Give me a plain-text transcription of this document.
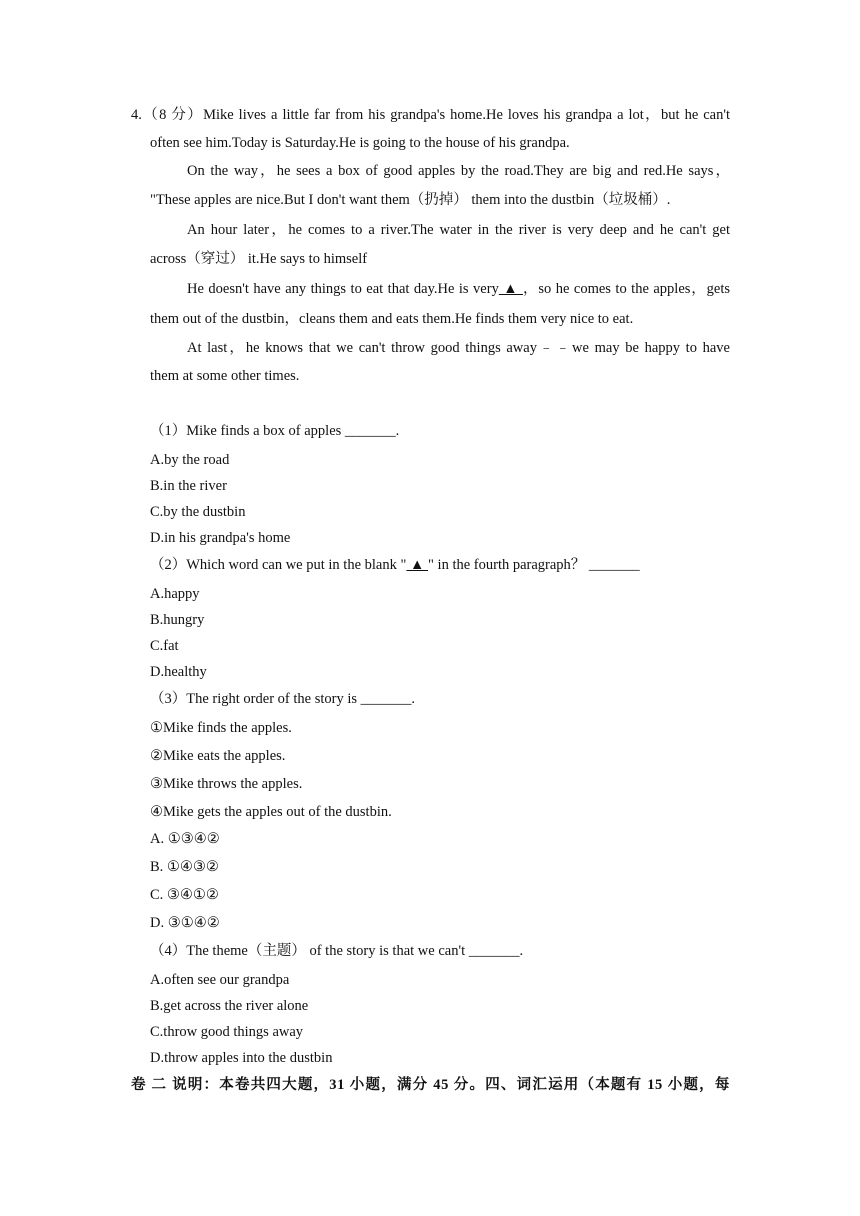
4.（8 分）Mike lives a little far from his grandpa's home.He loves his grandpa a lot，but he can't
often see him.Today is Saturday.He is going to the house of his grandpa.
On the way，he sees a box of good apples by the road.They are big and red.He says，
"These apples are nice.But I don't want them（扔掉） them into the dustbin（垃圾桶）.
An hour later，he comes to a river.The water in the river is very deep and he can't get
across（穿过） it.He says to himself
He doesn't have any things to eat that day.He is very ▲ ，so he comes to the apples，gets
them out of the dustbin，cleans them and eats them.He finds them very nice to eat.
At last，he knows that we can't throw good things away﹣﹣we may be happy to have
them at some other times.
（1）Mike finds a box of apples _______.
A.by the road
B.in the river
C.by the dustbin
D.in his grandpa's home
（2）Which word can we put in the blank " ▲ " in the fourth paragraph？ _______
A.happy
B.hungry
C.fat
D.healthy
（3）The right order of the story is _______.
①Mike finds the apples.
②Mike eats the apples.
③Mike throws the apples.
④Mike gets the apples out of the dustbin.
A. ①③④②
B. ①④③②
C. ③④①②
D. ③①④②
（4）The theme（主题） of the story is that we can't _______.
A.often see our grandpa
B.get across the river alone
C.throw good things away
D.throw apples into the dustbin
卷 二 说明：本卷共四大题，31 小题，满分 45 分。四、词汇运用（本题有 15 小题，每
